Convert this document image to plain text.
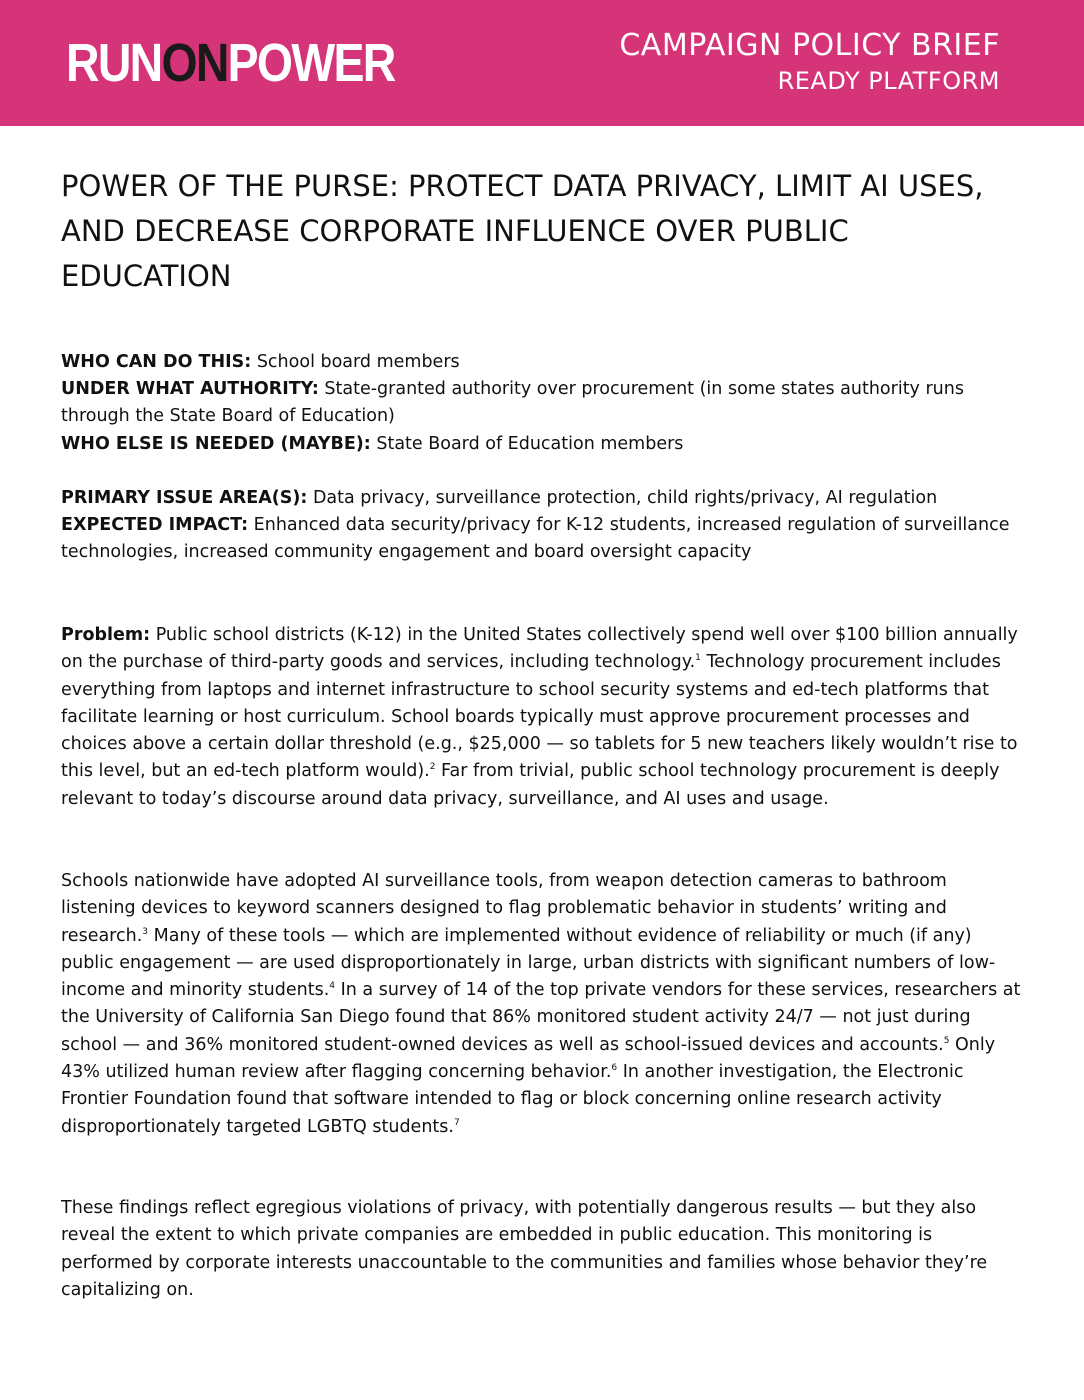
RUNONPOWER	CAMPAIGN POLICY BRIEF
READY PLATFORM
POWER OF THE PURSE: PROTECT DATA PRIVACY, LIMIT AI USES, AND DECREASE CORPORATE INFLUENCE OVER PUBLIC EDUCATION

WHO CAN DO THIS: School board members

UNDER WHAT AUTHORITY: State-granted authority over procurement (in some states authority runs through the State Board of Education)

WHO ELSE IS NEEDED (MAYBE): State Board of Education members

PRIMARY ISSUE AREA(S): Data privacy, surveillance protection, child rights/privacy, AI regulation

EXPECTED IMPACT: Enhanced data security/privacy for K-12 students, increased regulation of surveillance technologies, increased community engagement and board oversight capacity

Problem: Public school districts (K-12) in the United States collectively spend well over $100 billion annually on the purchase of third-party goods and services, including technology.$^1$ Technology procurement includes everything from laptops and internet infrastructure to school security systems and ed-tech platforms that facilitate learning or host curriculum. School boards typically must approve procurement processes and choices above a certain dollar threshold (e.g., $25,000 — so tablets for 5 new teachers likely wouldn’t rise to this level, but an ed-tech platform would).$^2$ Far from trivial, public school technology procurement is deeply relevant to today’s discourse around data privacy, surveillance, and AI uses and usage.

Schools nationwide have adopted AI surveillance tools, from weapon detection cameras to bathroom listening devices to keyword scanners designed to flag problematic behavior in students’ writing and research.$^3$ Many of these tools — which are implemented without evidence of reliability or much (if any) public engagement — are used disproportionately in large, urban districts with significant numbers of low-income and minority students.$^4$ In a survey of 14 of the top private vendors for these services, researchers at the University of California San Diego found that 86% monitored student activity 24/7 — not just during school — and 36% monitored student-owned devices as well as school-issued devices and accounts.$^5$ Only 43% utilized human review after flagging concerning behavior.$^6$ In another investigation, the Electronic Frontier Foundation found that software intended to flag or block concerning online research activity disproportionately targeted LGBTQ students.$^7$

These findings reflect egregious violations of privacy, with potentially dangerous results — but they also reveal the extent to which private companies are embedded in public education. This monitoring is performed by corporate interests unaccountable to the communities and families whose behavior they’re capitalizing on.
